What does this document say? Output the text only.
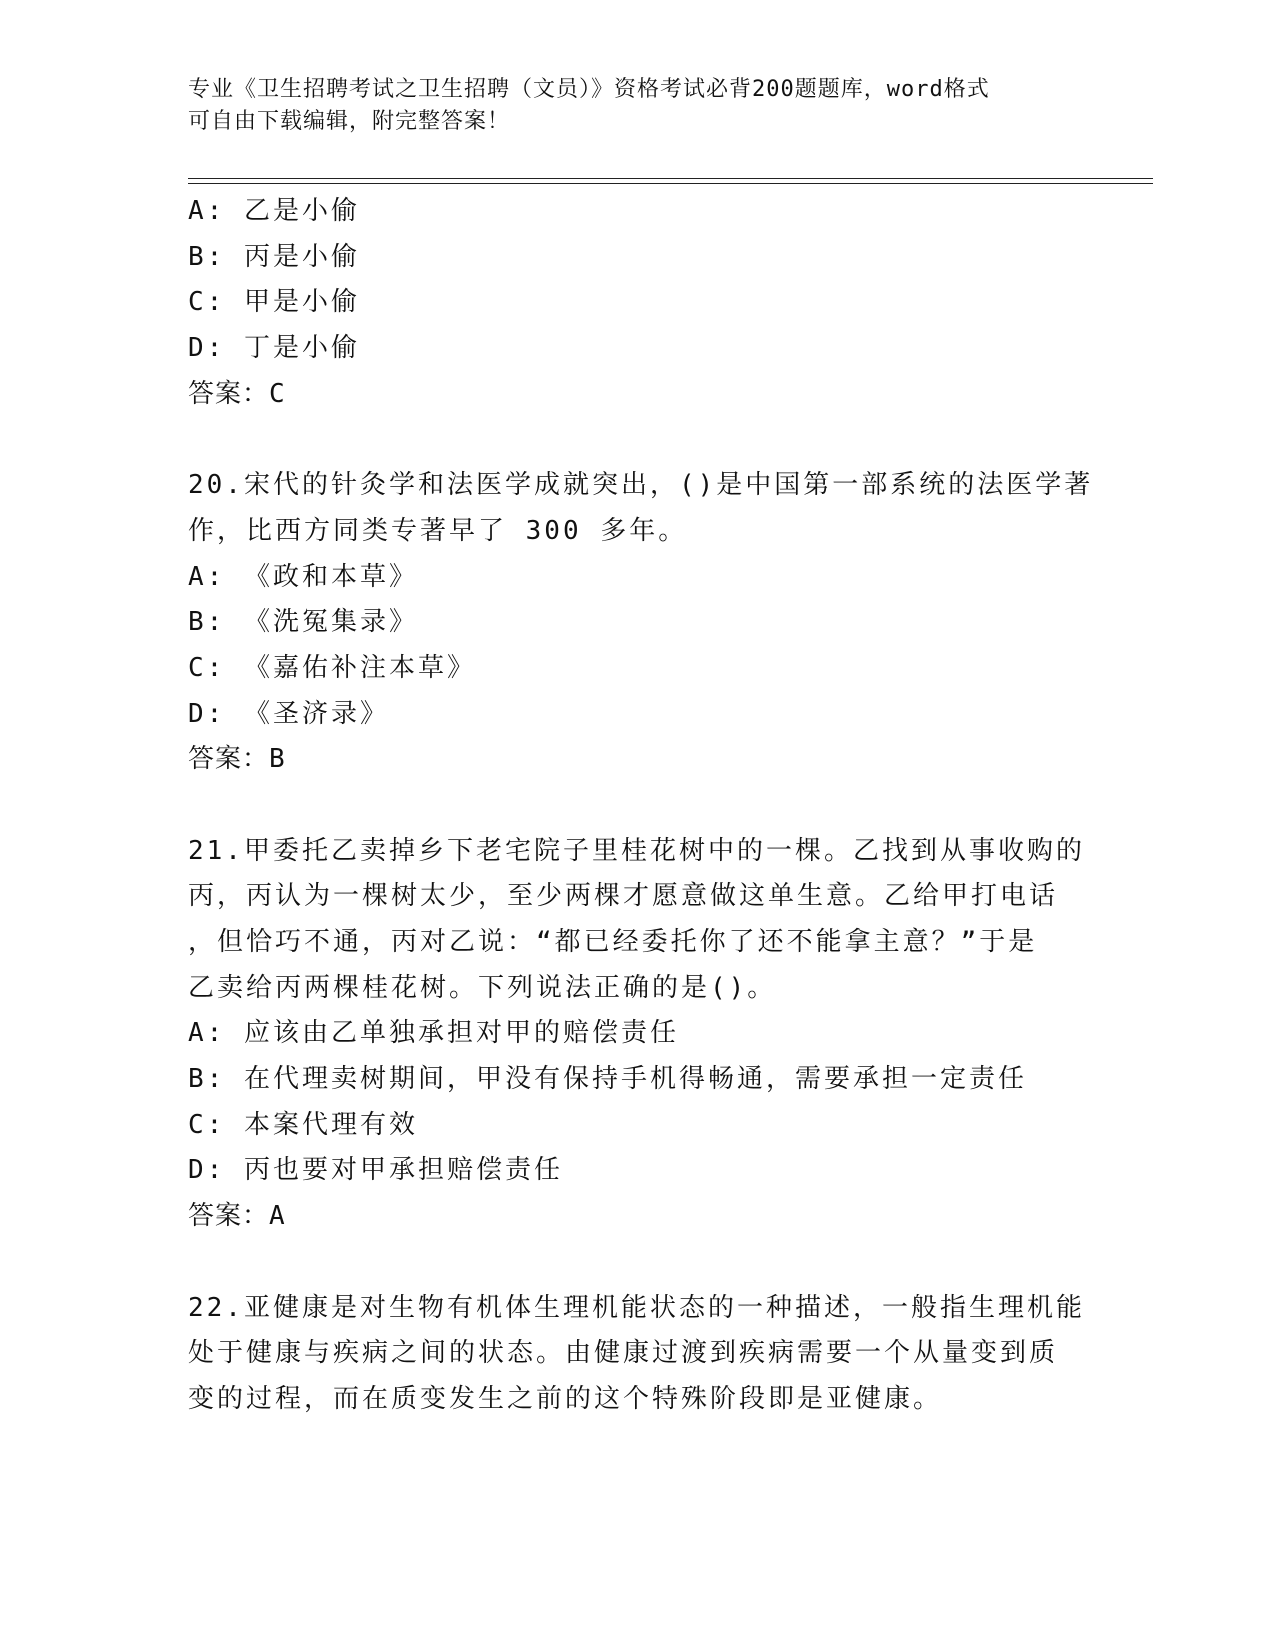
专业《卫生招聘考试之卫生招聘（文员）》资格考试必背200题题库，word格式
可自由下载编辑，附完整答案！
A: 乙是小偷
B: 丙是小偷
C: 甲是小偷
D: 丁是小偷
答案：C
20.宋代的针灸学和法医学成就突出，()是中国第一部系统的法医学著
作，比西方同类专著早了 300 多年。
A: 《政和本草》
B: 《洗冤集录》
C: 《嘉佑补注本草》
D: 《圣济录》
答案：B
21.甲委托乙卖掉乡下老宅院子里桂花树中的一棵。乙找到从事收购的
丙，丙认为一棵树太少，至少两棵才愿意做这单生意。乙给甲打电话
，但恰巧不通，丙对乙说：“都已经委托你了还不能拿主意？”于是
乙卖给丙两棵桂花树。下列说法正确的是()。
A: 应该由乙单独承担对甲的赔偿责任
B: 在代理卖树期间，甲没有保持手机得畅通，需要承担一定责任
C: 本案代理有效
D: 丙也要对甲承担赔偿责任
答案：A
22.亚健康是对生物有机体生理机能状态的一种描述，一般指生理机能
处于健康与疾病之间的状态。由健康过渡到疾病需要一个从量变到质
变的过程，而在质变发生之前的这个特殊阶段即是亚健康。
